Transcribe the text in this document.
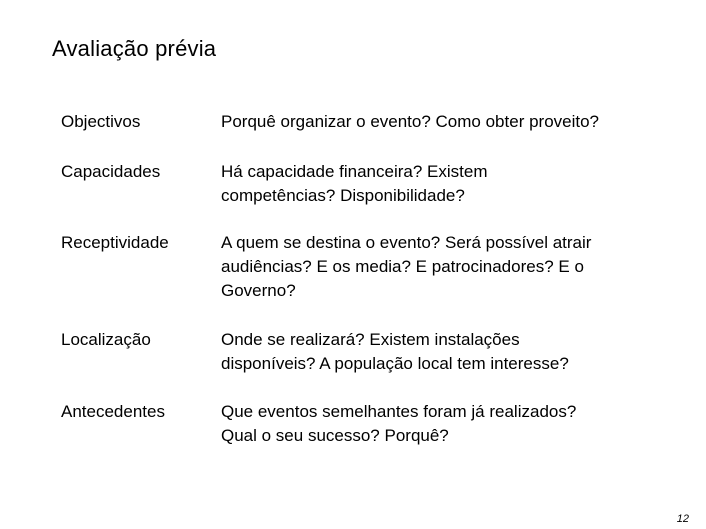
Avaliação prévia
Objectivos	Porquê organizar o evento? Como obter proveito?
Capacidades	Há capacidade financeira? Existem
competências? Disponibilidade?
Receptividade	A quem se destina o evento? Será possível atrair
audiências? E os media? E patrocinadores? E o
Governo?
Localização	Onde se realizará? Existem instalações
disponíveis? A população local tem interesse?
Antecedentes	Que eventos semelhantes foram já realizados?
Qual o seu sucesso? Porquê?
12
